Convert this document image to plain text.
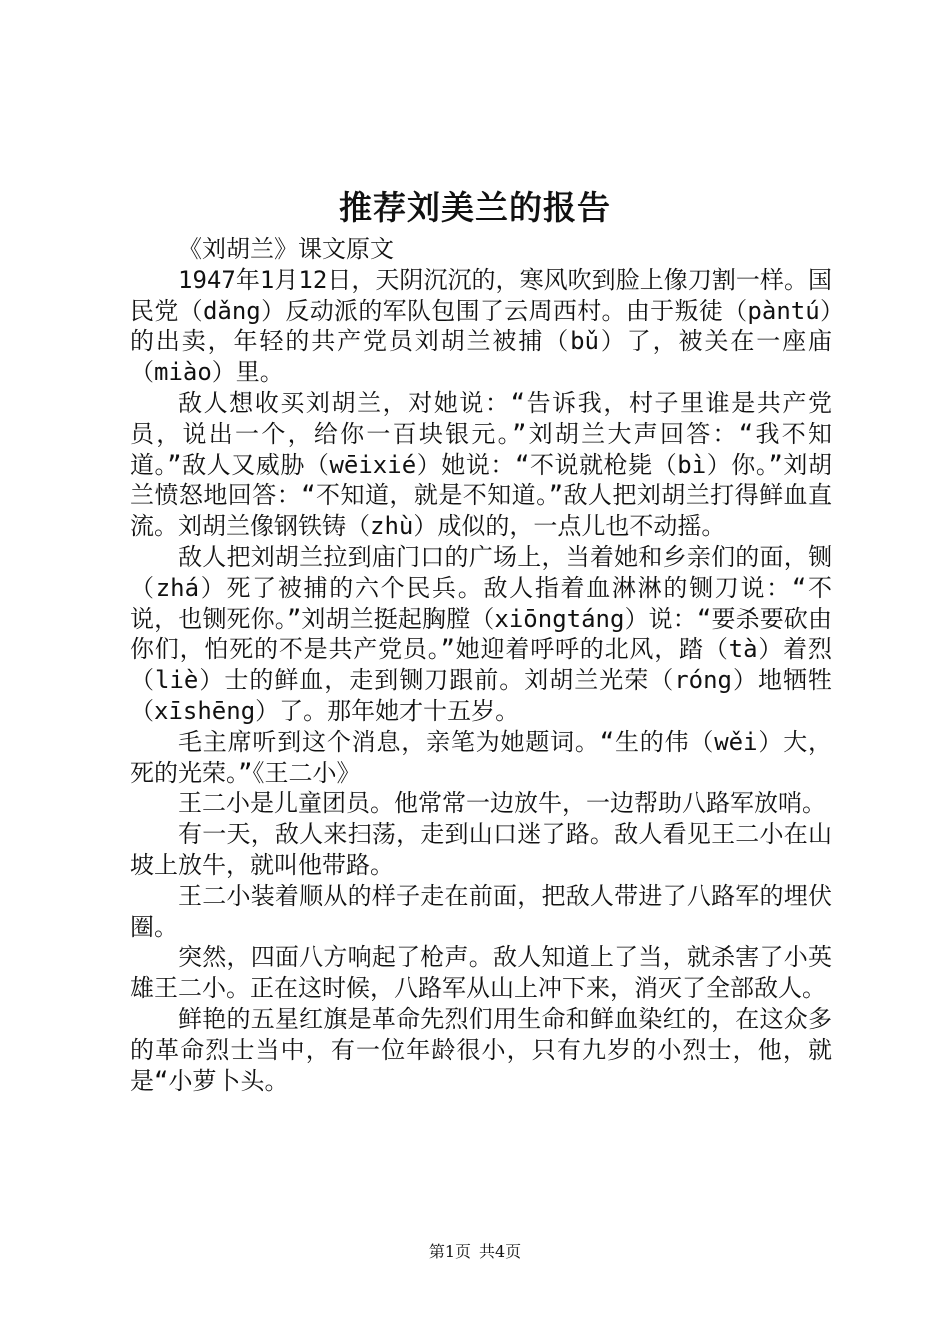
推荐刘美兰的报告

《刘胡兰》课文原文

1947年1月12日，天阴沉沉的，寒风吹到脸上像刀割一样。国民党（dǎng）反动派的军队包围了云周西村。由于叛徒（pàntú）的出卖，年轻的共产党员刘胡兰被捕（bǔ）了，被关在一座庙（miào）里。

敌人想收买刘胡兰，对她说：“告诉我，村子里谁是共产党员，说出一个，给你一百块银元。”刘胡兰大声回答：“我不知道。”敌人又威胁（wēixié）她说：“不说就枪毙（bì）你。”刘胡兰愤怒地回答：“不知道，就是不知道。”敌人把刘胡兰打得鲜血直流。刘胡兰像钢铁铸（zhù）成似的，一点儿也不动摇。

敌人把刘胡兰拉到庙门口的广场上，当着她和乡亲们的面，铡（zhá）死了被捕的六个民兵。敌人指着血淋淋的铡刀说：“不说，也铡死你。”刘胡兰挺起胸膛（xiōngtáng）说：“要杀要砍由你们，怕死的不是共产党员。”她迎着呼呼的北风，踏（tà）着烈（liè）士的鲜血，走到铡刀跟前。刘胡兰光荣（róng）地牺牲（xīshēng）了。那年她才十五岁。

毛主席听到这个消息，亲笔为她题词。“生的伟（wěi）大，死的光荣。”《王二小》

王二小是儿童团员。他常常一边放牛，一边帮助八路军放哨。

有一天，敌人来扫荡，走到山口迷了路。敌人看见王二小在山坡上放牛，就叫他带路。

王二小装着顺从的样子走在前面，把敌人带进了八路军的埋伏圈。

突然，四面八方响起了枪声。敌人知道上了当，就杀害了小英雄王二小。正在这时候，八路军从山上冲下来，消灭了全部敌人。

鲜艳的五星红旗是革命先烈们用生命和鲜血染红的，在这众多的革命烈士当中，有一位年龄很小，只有九岁的小烈士，他，就是“小萝卜头。

第1页 共4页
